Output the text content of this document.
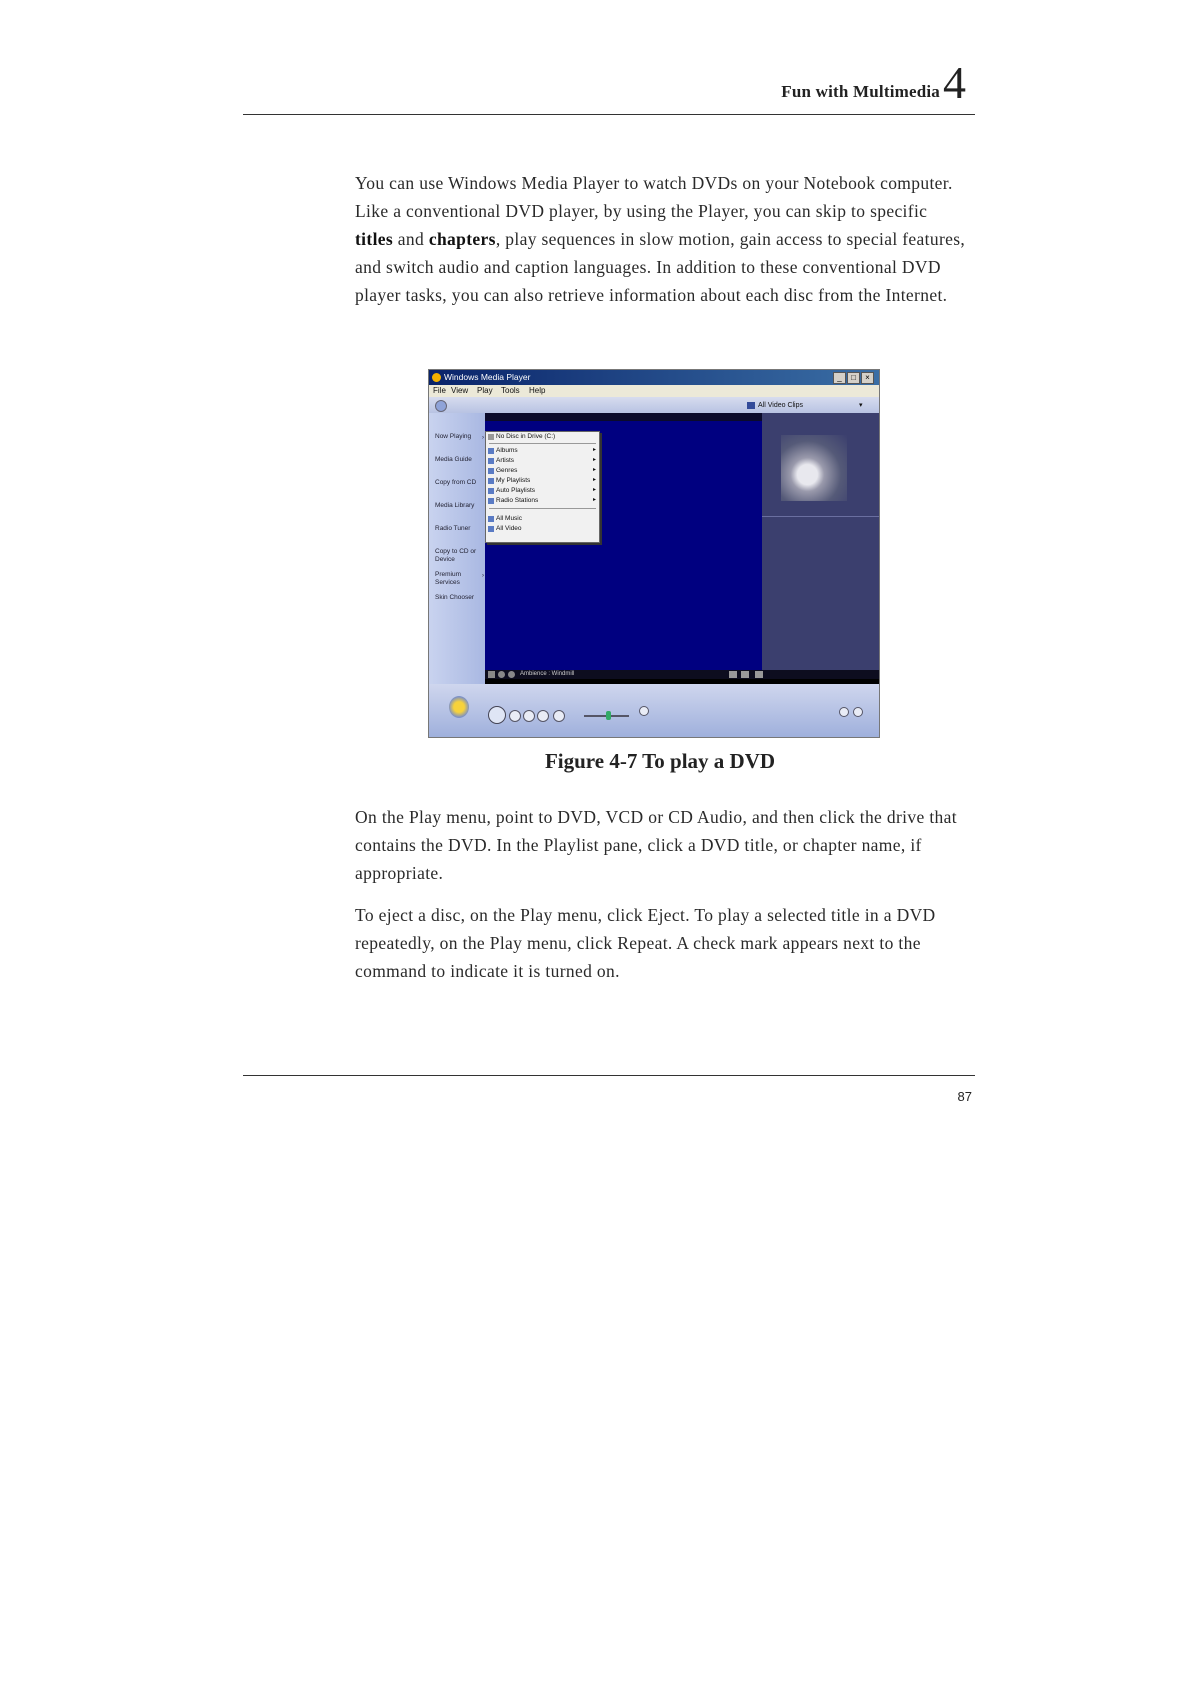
Fun with Multimedia 4
You can use Windows Media Player to watch DVDs on your Notebook computer. Like a conventional DVD player, by using the Player, you can skip to specific titles and chapters, play sequences in slow motion, gain access to special features, and switch audio and caption languages. In addition to these conventional DVD player tasks, you can also retrieve information about each disc from the Internet.
Windows Media Player	_	□	×
File View Play Tools Help
All Video Clips	▾
Now Playing ›
Media Guide
Copy from CD
Media Library
Radio Tuner
Copy to CD or Device
Premium Services
›
Skin Chooser
No Disc in Drive (C:)
Albums	▸
Artists	▸
Genres	▸
My Playlists	▸
Auto Playlists	▸
Radio Stations	▸
All Music
All Video
Ambience : Windmill
Figure 4-7 To play a DVD
On the Play menu, point to DVD, VCD or CD Audio, and then click the drive that contains the DVD. In the Playlist pane, click a DVD title, or chapter name, if appropriate.
To eject a disc, on the Play menu, click Eject. To play a selected title in a DVD repeatedly, on the Play menu, click Repeat. A check mark appears next to the command to indicate it is turned on.
87
